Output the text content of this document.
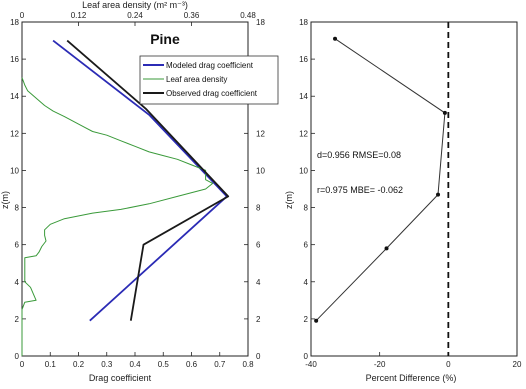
0	0.1 0.2 0.3 0.4 0.5 0.6 0.7 0.8
0
2
4
6
8
10
12
14
16
18
0
2
4
6
8
10
12
18
0	0.12	0.24	0.36	0.48
Pine
Leaf area density (m² m⁻³)
Drag coefficient
z(m)
Modeled drag coefficient
Leaf area density
Observed drag coefficient
-40	-20	0	20
0
2
4
6
8
10
12
14
16
18
d=0.956 RMSE=0.08
r=0.975 MBE= -0.062
Percent Difference (%)
z(m)
